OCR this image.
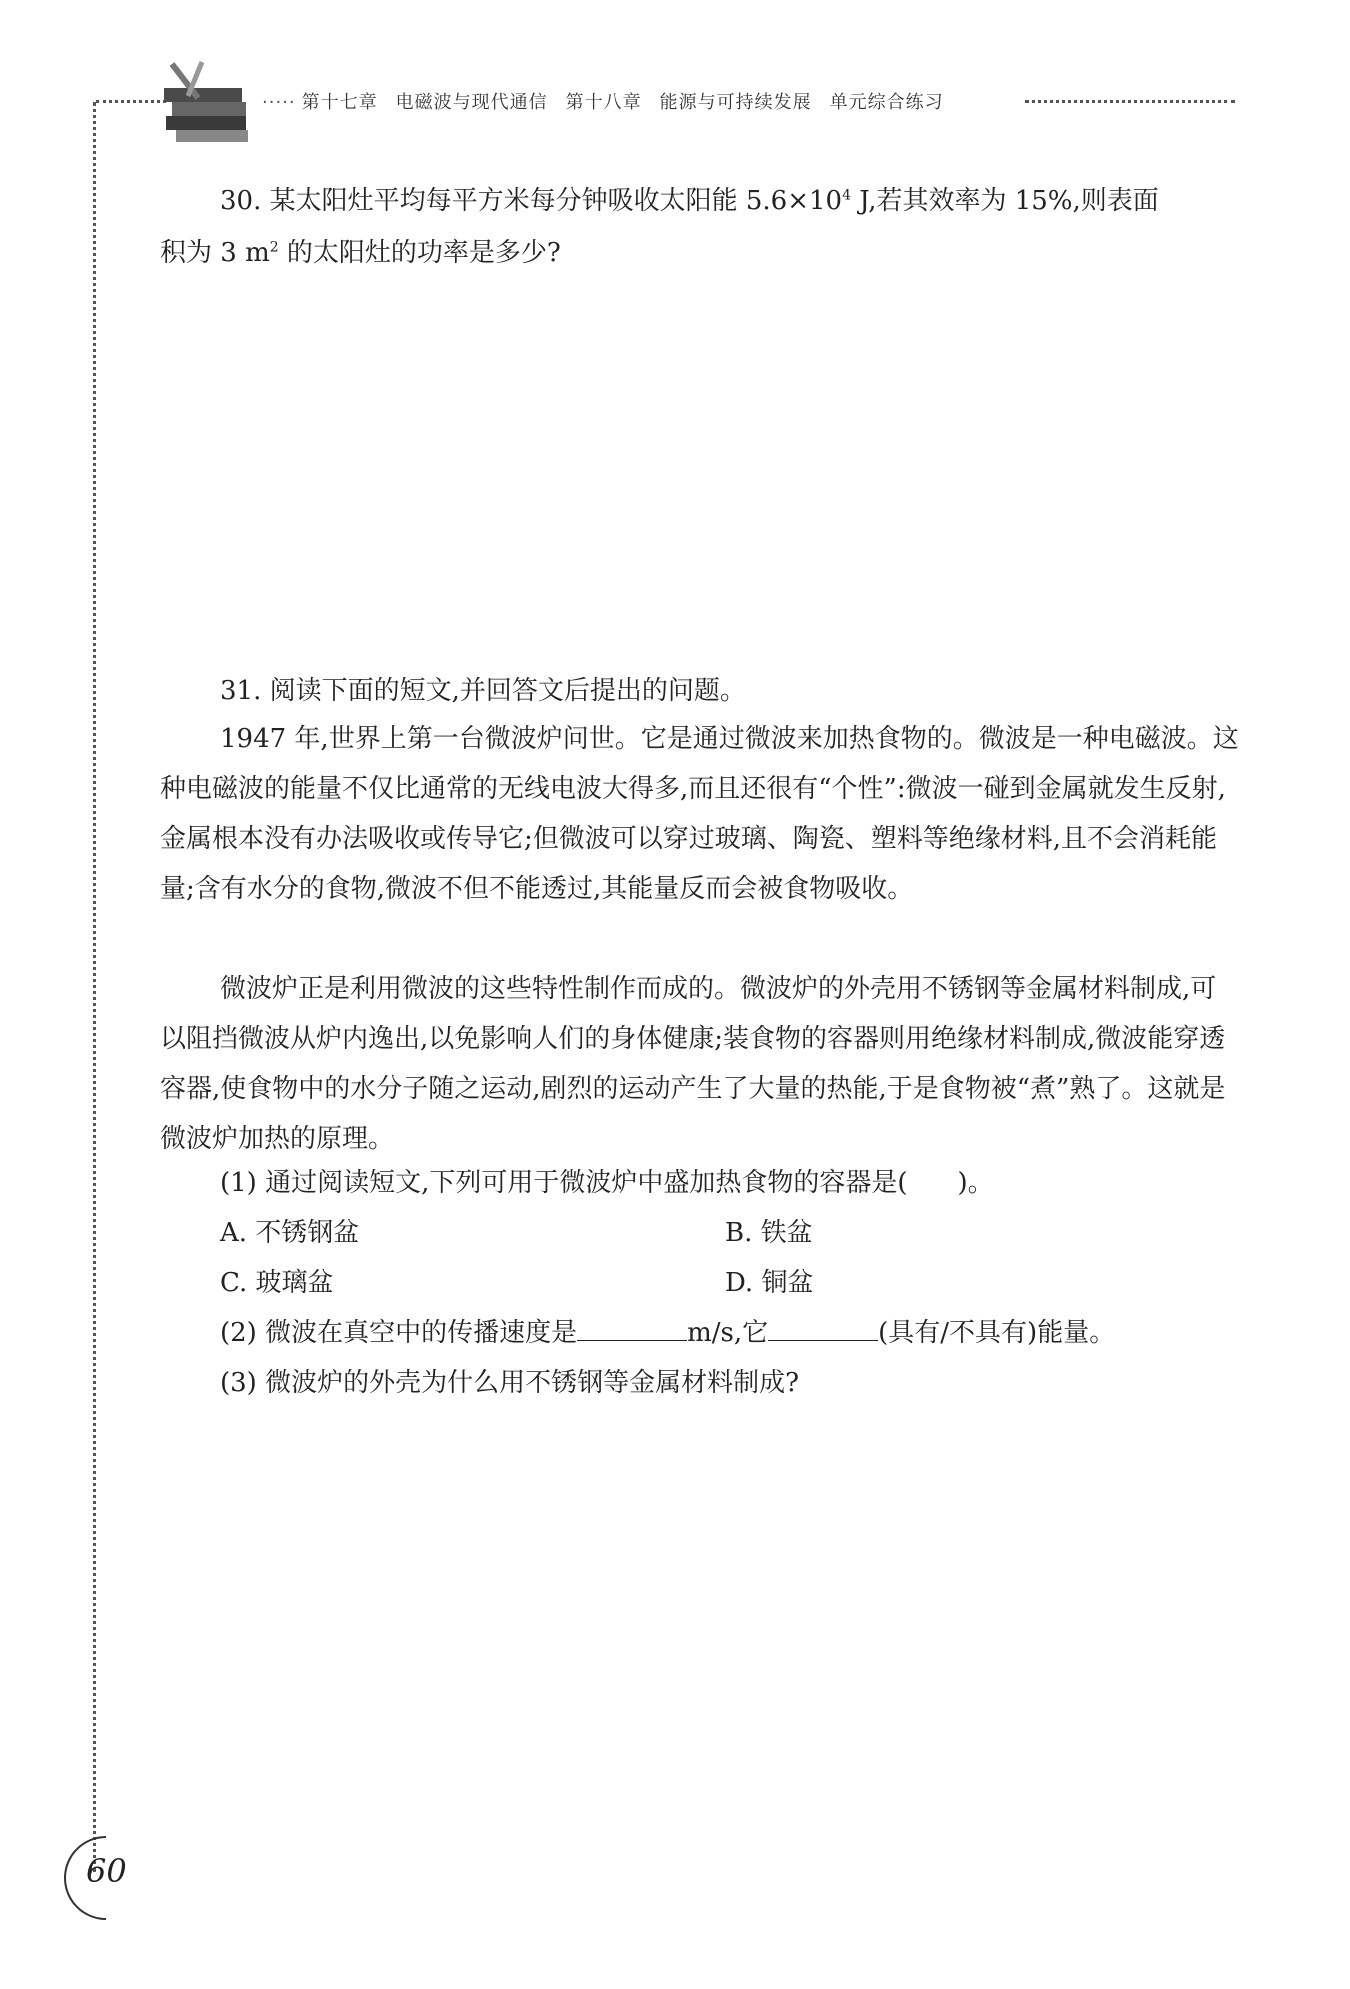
····· 第十七章 电磁波与现代通信 第十八章 能源与可持续发展 单元综合练习
30. 某太阳灶平均每平方米每分钟吸收太阳能 $5.6\times 10^4$ J,若其效率为 15%,则表面
积为 3 $m^2$ 的太阳灶的功率是多少?
31. 阅读下面的短文,并回答文后提出的问题。
1947 年,世界上第一台微波炉问世。它是通过微波来加热食物的。微波是一种电磁波。这种电磁波的能量不仅比通常的无线电波大得多,而且还很有“个性”:微波一碰到金属就发生反射,金属根本没有办法吸收或传导它;但微波可以穿过玻璃、陶瓷、塑料等绝缘材料,且不会消耗能量;含有水分的食物,微波不但不能透过,其能量反而会被食物吸收。
微波炉正是利用微波的这些特性制作而成的。微波炉的外壳用不锈钢等金属材料制成,可以阻挡微波从炉内逸出,以免影响人们的身体健康;装食物的容器则用绝缘材料制成,微波能穿透容器,使食物中的水分子随之运动,剧烈的运动产生了大量的热能,于是食物被“煮”熟了。这就是微波炉加热的原理。
(1) 通过阅读短文,下列可用于微波炉中盛加热食物的容器是( )。
A. 不锈钢盆	B. 铁盆
C. 玻璃盆	D. 铜盆
(2) 微波在真空中的传播速度是	m/s,它	(具有/不具有)能量。
(3) 微波炉的外壳为什么用不锈钢等金属材料制成?
60
